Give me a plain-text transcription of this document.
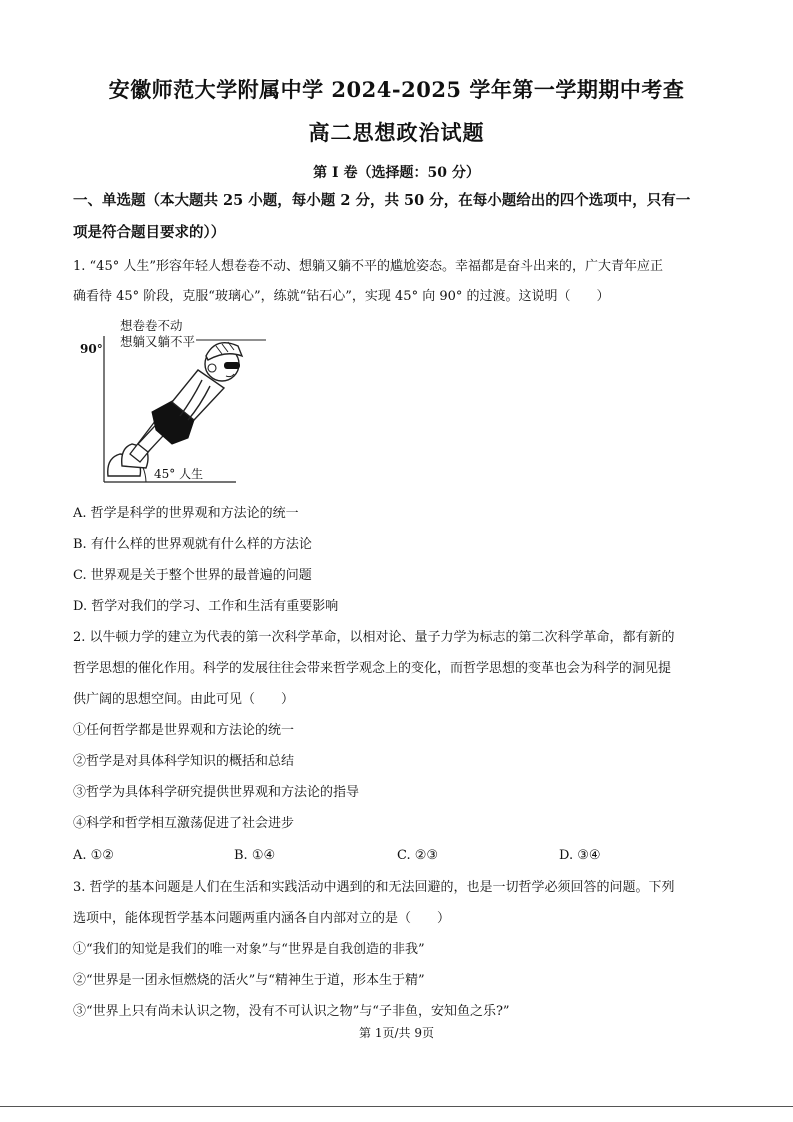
安徽师范大学附属中学 2024-2025 学年第一学期期中考查
高二思想政治试题
第 I 卷（选择题：50 分）
一、单选题（本大题共 25 小题，每小题 2 分，共 50 分，在每小题给出的四个选项中，只有一
项是符合题目要求的））
1. “45° 人生”形容年轻人想卷卷不动、想躺又躺不平的尴尬姿态。幸福都是奋斗出来的，广大青年应正
确看待 45° 阶段，克服“玻璃心”，练就“钻石心”，实现 45° 向 90° 的过渡。这说明（　　）
想卷卷不动
想躺又躺不平
90°
45° 人生
A. 哲学是科学的世界观和方法论的统一
B. 有什么样的世界观就有什么样的方法论
C. 世界观是关于整个世界的最普遍的问题
D. 哲学对我们的学习、工作和生活有重要影响
2. 以牛顿力学的建立为代表的第一次科学革命，以相对论、量子力学为标志的第二次科学革命，都有新的
哲学思想的催化作用。科学的发展往往会带来哲学观念上的变化，而哲学思想的变革也会为科学的洞见提
供广阔的思想空间。由此可见（　　）
①任何哲学都是世界观和方法论的统一
②哲学是对具体科学知识的概括和总结
③哲学为具体科学研究提供世界观和方法论的指导
④科学和哲学相互激荡促进了社会进步
A. ①②	B. ①④	C. ②③	D. ③④
3. 哲学的基本问题是人们在生活和实践活动中遇到的和无法回避的，也是一切哲学必须回答的问题。下列
选项中，能体现哲学基本问题两重内涵各自内部对立的是（　　）
①“我们的知觉是我们的唯一对象”与“世界是自我创造的非我”
②“世界是一团永恒燃烧的活火”与“精神生于道，形本生于精”
③“世界上只有尚未认识之物，没有不可认识之物”与“子非鱼，安知鱼之乐?”
第 1页/共 9页
